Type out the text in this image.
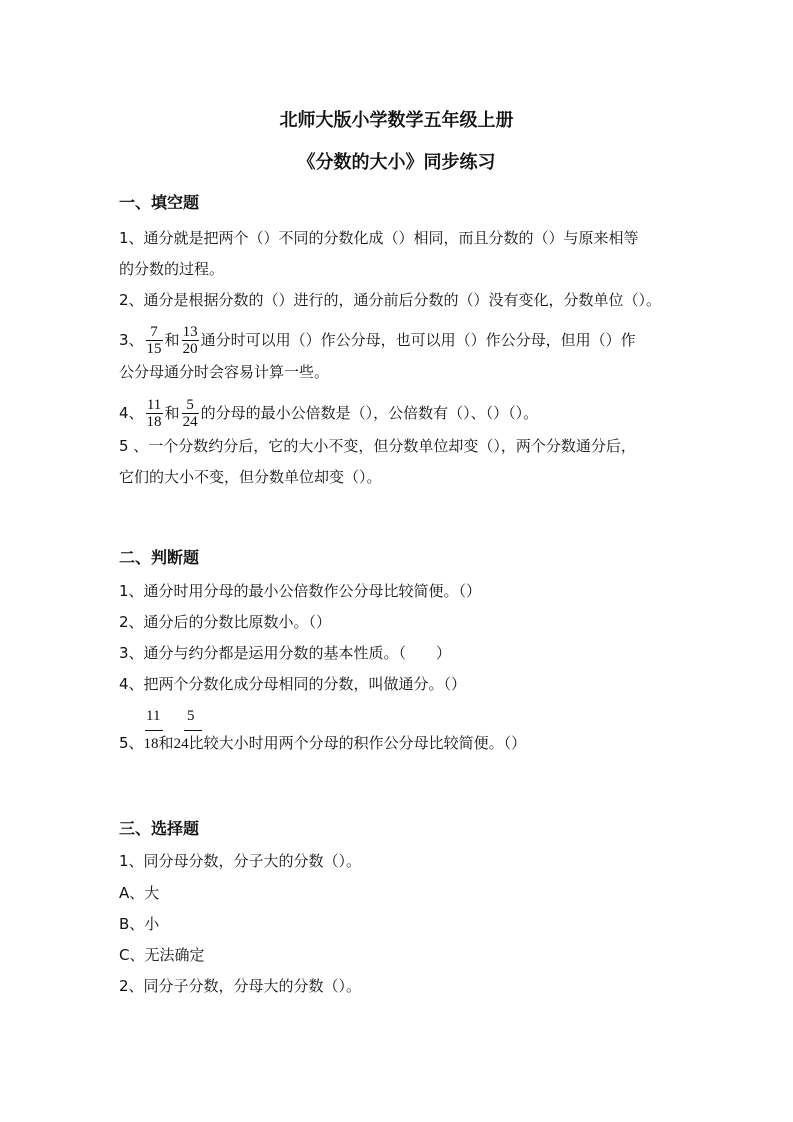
北师大版小学数学五年级上册
《分数的大小》同步练习
一、填空题
1、通分就是把两个（）不同的分数化成（）相同，而且分数的（）与原来相等
的分数的过程。
2、通分是根据分数的（）进行的，通分前后分数的（）没有变化，分数单位（）。
3、 $\frac{7}{15}$ 和 $\frac{13}{20}$ 通分时可以用（）作公分母，也可以用（）作公分母，但用（）作
公分母通分时会容易计算一些。
4、 $\frac{11}{18}$ 和 $\frac{5}{24}$ 的分母的最小公倍数是（），公倍数有（）、（）（）。
5 、一个分数约分后，它的大小不变，但分数单位却变（），两个分数通分后，
它们的大小不变，但分数单位却变（）。
二、判断题
1、通分时用分母的最小公倍数作公分母比较简便。（）
2、通分后的分数比原数小。（）
3、通分与约分都是运用分数的基本性质。（　　）
4、把两个分数化成分母相同的分数，叫做通分。（）
11 5
5、18和24比较大小时用两个分母的积作公分母比较简便。（）
三、选择题
1、同分母分数，分子大的分数（）。
A、大
B、小
C、无法确定
2、同分子分数，分母大的分数（）。
